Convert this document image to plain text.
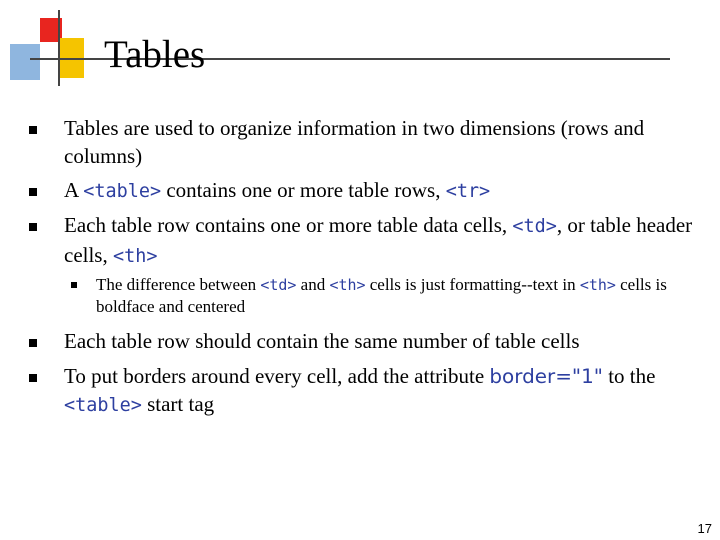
Tables
Tables are used to organize information in two dimensions (rows and columns)
A <table> contains one or more table rows, <tr>
Each table row contains one or more table data cells, <td>, or table header cells, <th>
The difference between <td> and <th> cells is just formatting--text in <th> cells is boldface and centered
Each table row should contain the same number of table cells
To put borders around every cell, add the attribute border="1" to the <table> start tag
17
